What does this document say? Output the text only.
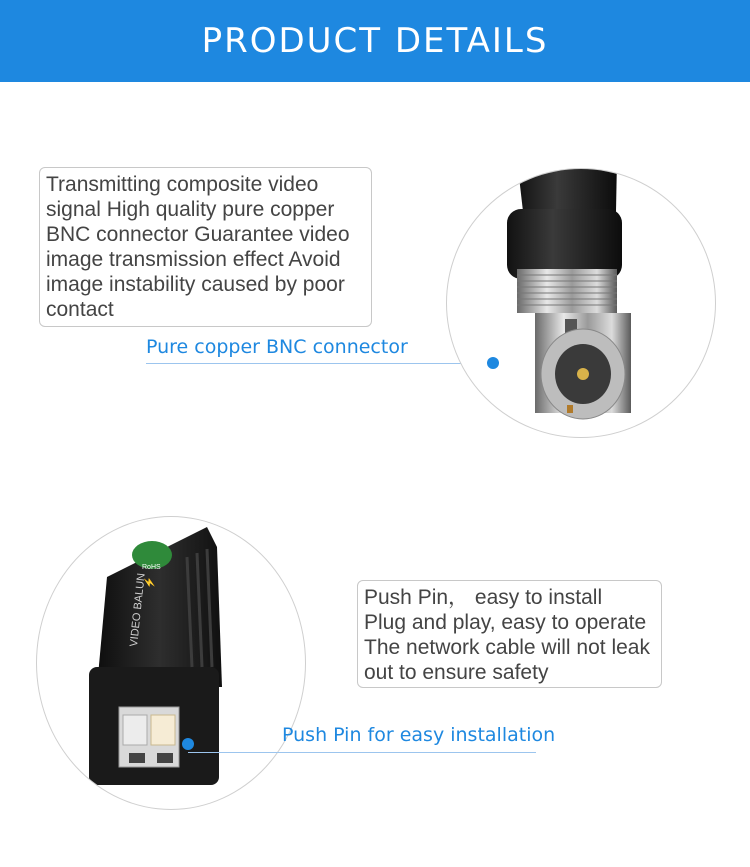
PRODUCT DETAILS
Transmitting composite video
signal High quality pure copper
BNC connector Guarantee video
image transmission effect Avoid
image instability caused by poor
contact
Pure copper BNC connector
RoHS
VIDEO BALUN
⚡
Push Pin for easy installation
Push Pin， easy to install
Plug and play, easy to operate
The network cable will not leak
out to ensure safety
